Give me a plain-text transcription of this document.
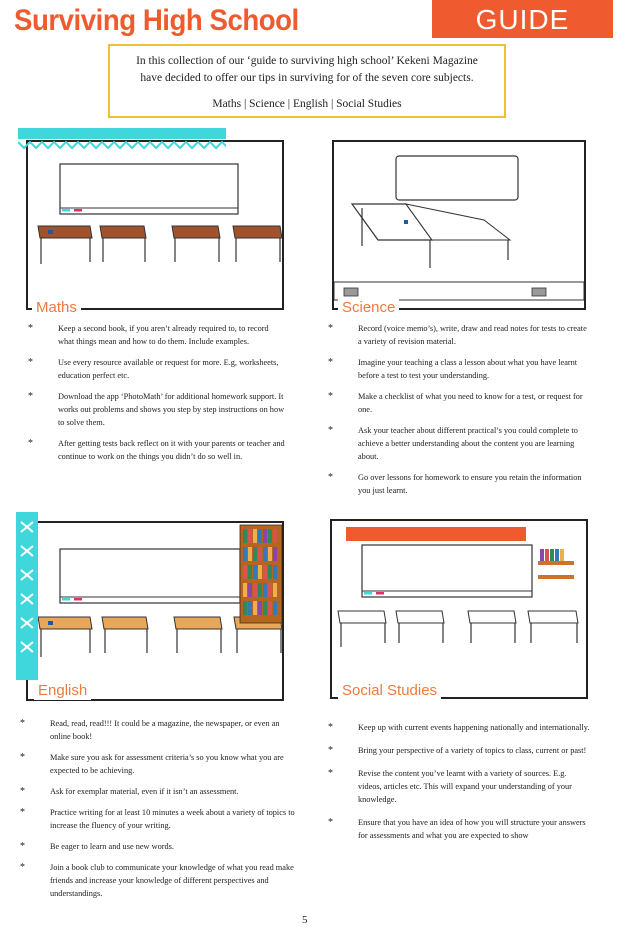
Surviving High School	GUIDE
In this collection of our ‘guide to surviving high school’ Kekeni Magazine
have decided to offer our tips in surviving for of the seven core subjects.
Maths | Science | English | Social Studies
Maths
*	Keep a second book, if you aren’t already required to, to record what things mean and how to do them. Include examples.
*	Use every resource available or request for more. E.g, worksheets, education perfect etc.
*	Download the app ‘PhotoMath’ for additional homework support. It works out problems and shows you step by step instructions on how to solve them.
*	After getting tests back reflect on it with your parents or teacher and continue to work on the things you didn’t do so well in.
Science
*	Record (voice memo’s), write, draw and read notes for tests to create a variety of revision material.
*	Imagine your teaching a class a lesson about what you have learnt before a test to test your understanding.
*	Make a checklist of what you need to know for a test, or request for one.
*	Ask your teacher about different practical’s you could complete to achieve a better understanding about the content you are learning about.
*	Go over lessons for homework to ensure you retain the information you just learnt.
English
*	Read, read, read!!! It could be a magazine, the newspaper, or even an online book!
*	Make sure you ask for assessment criteria’s so you know what you are expected to be achieving.
*	Ask for exemplar material, even if it isn’t an assessment.
*	Practice writing for at least 10 minutes a week about a variety of topics to increase the fluency of your writing.
*	Be eager to learn and use new words.
*	Join a book club to communicate your knowledge of what you read make friends and increase your knowledge of different perspectives and understandings.
Social Studies
*	Keep up with current events happening nationally and internationally.
*	Bring your perspective of a variety of topics to class, current or past!
*	Revise the content you’ve learnt with a variety of sources. E.g. videos, articles etc. This will expand your understanding of your knowledge.
*	Ensure that you have an idea of how you will structure your answers for assessments and what you are expected to show
5
